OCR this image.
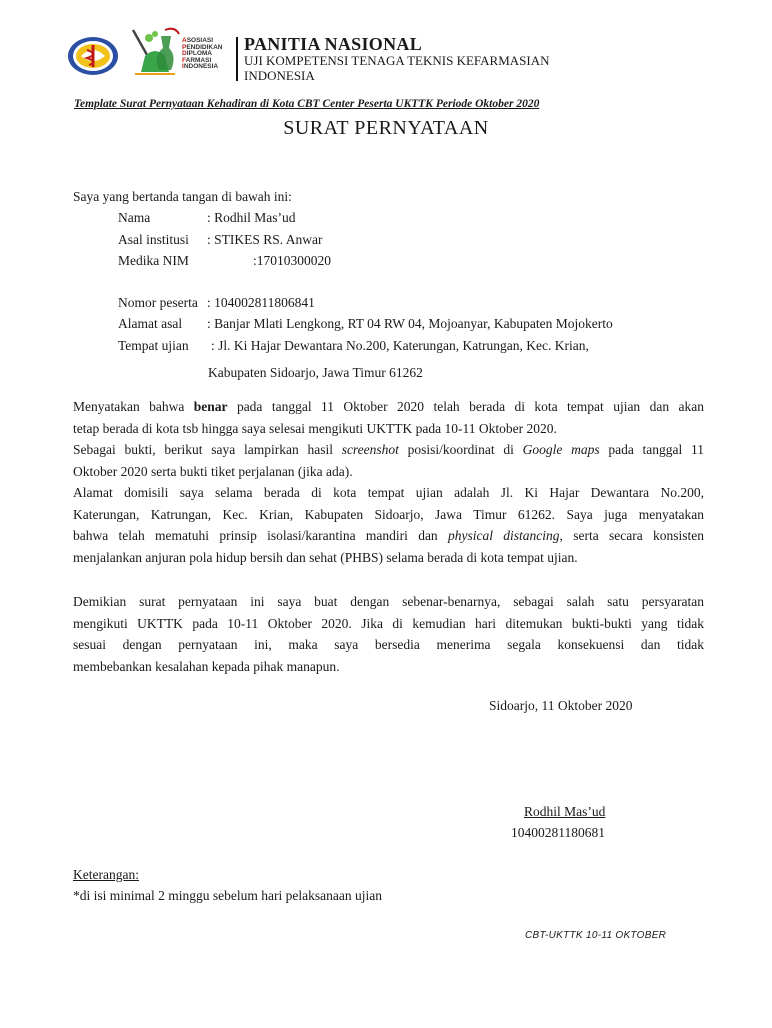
ASOSIASI
PENDIDIKAN
DIPLOMA
FARMASI
INDONESIA
PANITIA NASIONAL
UJI KOMPETENSI TENAGA TEKNIS KEFARMASIAN
INDONESIA
Template Surat Pernyataan Kehadiran di Kota CBT Center Peserta UKTTK Periode Oktober 2020
SURAT PERNYATAAN
Saya yang bertanda tangan di bawah ini:
Nama	: Rodhil Mas’ud
Asal institusi : STIKES RS. Anwar
Medika NIM	:17010300020
Nomor peserta : 104002811806841
Alamat asal : Banjar Mlati Lengkong, RT 04 RW 04, Mojoanyar, Kabupaten Mojokerto
Tempat ujian : Jl. Ki Hajar Dewantara No.200, Katerungan, Katrungan, Kec. Krian,
Kabupaten Sidoarjo, Jawa Timur 61262
Menyatakan bahwa benar pada tanggal 11 Oktober 2020 telah berada di kota tempat ujian dan akan
tetap berada di kota tsb hingga saya selesai mengikuti UKTTK pada 10-11 Oktober 2020.
Sebagai bukti, berikut saya lampirkan hasil screenshot posisi/koordinat di Google maps pada tanggal 11
Oktober 2020 serta bukti tiket perjalanan (jika ada).
Alamat domisili saya selama berada di kota tempat ujian adalah Jl. Ki Hajar Dewantara No.200,
Katerungan, Katrungan, Kec. Krian, Kabupaten Sidoarjo, Jawa Timur 61262. Saya juga menyatakan
bahwa telah mematuhi prinsip isolasi/karantina mandiri dan physical distancing, serta secara konsisten
menjalankan anjuran pola hidup bersih dan sehat (PHBS) selama berada di kota tempat ujian.
Demikian surat pernyataan ini saya buat dengan sebenar-benarnya, sebagai salah satu persyaratan
mengikuti UKTTK pada 10-11 Oktober 2020. Jika di kemudian hari ditemukan bukti-bukti yang tidak
sesuai dengan pernyataan ini, maka saya bersedia menerima segala konsekuensi dan tidak
membebankan kesalahan kepada pihak manapun.
Sidoarjo, 11 Oktober 2020
Rodhil Mas’ud
10400281180681
Keterangan:
*di isi minimal 2 minggu sebelum hari pelaksanaan ujian
CBT-UKTTK 10-11 OKTOBER
